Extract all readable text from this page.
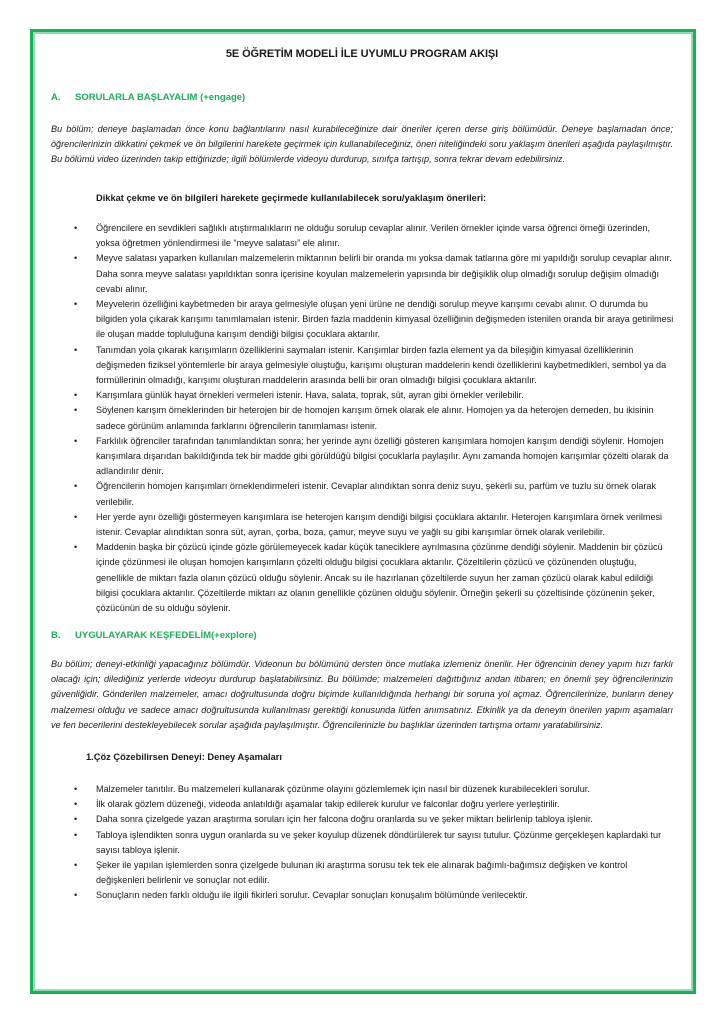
5E ÖĞRETİM MODELİ İLE UYUMLU PROGRAM AKIŞI
A. SORULARLA BAŞLAYALIM (+engage)
Bu bölüm; deneye başlamadan önce konu bağlantılarını nasıl kurabileceğinize dair öneriler içeren derse giriş bölümüdür. Deneye başlamadan önce; öğrencilerinizin dikkatini çekmek ve ön bilgilerini harekete geçirmek için kullanabileceğiniz, öneri niteliğindeki soru yaklaşım önerileri aşağıda paylaşılmıştır. Bu bölümü video üzerinden takip ettiğinizde; ilgili bölümlerde videoyu durdurup, sınıfça tartışıp, sonra tekrar devam edebilirsiniz.
Dikkat çekme ve ön bilgileri harekete geçirmede kullanılabilecek soru/yaklaşım önerileri:
• Öğrencilere en sevdikleri sağlıklı atıştırmalıkların ne olduğu sorulup cevaplar alınır. Verilen örnekler içinde varsa öğrenci örneği üzerinden, yoksa öğretmen yönlendirmesi ile “meyve salatası” ele alınır.
• Meyve salatası yaparken kullanılan malzemelerin miktarının belirli bir oranda mı yoksa damak tatlarına göre mi yapıldığı sorulup cevaplar alınır. Daha sonra meyve salatası yapıldıktan sonra içerisine koyulan malzemelerin yapısında bir değişiklik olup olmadığı sorulup değişim olmadığı cevabı alınır.
• Meyvelerin özelliğini kaybetmeden bir araya gelmesiyle oluşan yeni ürüne ne dendiği sorulup meyve karışımı cevabı alınır. O durumda bu bilgiden yola çıkarak karışımı tanımlamaları istenir. Birden fazla maddenin kimyasal özelliğinin değişmeden istenilen oranda bir araya getirilmesi ile oluşan madde topluluğuna karışım dendiği bilgisi çocuklara aktarılır.
• Tanımdan yola çıkarak karışımların özelliklerini saymaları istenir. Karışımlar birden fazla element ya da bileşiğin kimyasal özelliklerinin değişmeden fiziksel yöntemlerle bir araya gelmesiyle oluştuğu, karışımı oluşturan maddelerin kendi özelliklerini kaybetmedikleri, sembol ya da formüllerinin olmadığı, karışımı oluşturan maddelerin arasında belli bir oran olmadığı bilgisi çocuklara aktarılır.
• Karışımlara günlük hayat örnekleri vermeleri istenir. Hava, salata, toprak, süt, ayran gibi örnekler verilebilir.
• Söylenen karışım örneklerinden bir heterojen bir de homojen karışım örnek olarak ele alınır. Homojen ya da heterojen demeden, bu ikisinin sadece görünüm anlamında farklarını öğrencilerin tanımlaması istenir.
• Farklılık öğrenciler tarafından tanımlandıktan sonra; her yerinde aynı özelliği gösteren karışımlara homojen karışım dendiği söylenir. Homojen karışımlara dışarıdan bakıldığında tek bir madde gibi görüldüğü bilgisi çocuklarla paylaşılır. Aynı zamanda homojen karışımlar çözelti olarak da adlandırılır denir.
• Öğrencilerin homojen karışımları örneklendirmeleri istenir. Cevaplar alındıktan sonra deniz suyu, şekerli su, parfüm ve tuzlu su örnek olarak verilebilir.
• Her yerde aynı özelliği göstermeyen karışımlara ise heterojen karışım dendiği bilgisi çocuklara aktarılır. Heterojen karışımlara örnek verilmesi istenir. Cevaplar alındıktan sonra süt, ayran, çorba, boza, çamur, meyve suyu ve yağlı su gibi karışımlar örnek olarak verilebilir.
• Maddenin başka bir çözücü içinde gözle görülemeyecek kadar küçük taneciklere ayrılmasına çözünme dendiği söylenir. Maddenin bir çözücü içinde çözünmesi ile oluşan homojen karışımların çözelti olduğu bilgisi çocuklara aktarılır. Çözeltilerin çözücü ve çözünenden oluştuğu, genellikle de miktarı fazla olanın çözücü olduğu söylenir. Ancak su ile hazırlanan çözeltilerde suyun her zaman çözücü olarak kabul edildiği bilgisi çocuklara aktarılır. Çözeltilerde miktarı az olanın genellikle çözünen olduğu söylenir. Örneğin şekerli su çözeltisinde çözünenin şeker, çözücünün de su olduğu söylenir.
B. UYGULAYARAK KEŞFEDELİM(+explore)
Bu bölüm; deneyi-etkinliği yapacağınız bölümdür. Videonun bu bölümünü dersten önce mutlaka izlemeniz önerilir. Her öğrencinin deney yapım hızı farklı olacağı için; dilediğiniz yerlerde videoyu durdurup başlatabilirsiniz. Bu bölümde; malzemeleri dağıttığınız andan itibaren; en önemli şey öğrencilerinizin güvenliğidir. Gönderilen malzemeler, amacı doğrultusunda doğru biçimde kullanıldığında herhangi bir soruna yol açmaz. Öğrencilerinize, bunların deney malzemesi olduğu ve sadece amacı doğrultusunda kullanılması gerektiği konusunda lütfen anımsatınız. Etkinlik ya da deneyin önerilen yapım aşamaları ve fen becerilerini destekleyebilecek sorular aşağıda paylaşılmıştır. Öğrencilerinizle bu başlıklar üzerinden tartışma ortamı yaratabilirsiniz.
1.Çöz Çözebilirsen Deneyi: Deney Aşamaları
• Malzemeler tanıtılır. Bu malzemeleri kullanarak çözünme olayını gözlemlemek için nasıl bir düzenek kurabilecekleri sorulur.
• İlk olarak gözlem düzeneği, videoda anlatıldığı aşamalar takip edilerek kurulur ve falconlar doğru yerlere yerleştirilir.
• Daha sonra çizelgede yazan araştırma soruları için her falcona doğru oranlarda su ve şeker miktarı belirlenip tabloya işlenir.
• Tabloya işlendikten sonra uygun oranlarda su ve şeker koyulup düzenek döndürülerek tur sayısı tutulur. Çözünme gerçekleşen kaplardaki tur sayısı tabloya işlenir.
• Şeker ile yapılan işlemlerden sonra çizelgede bulunan iki araştırma sorusu tek tek ele alınarak bağımlı-bağımsız değişken ve kontrol değişkenleri belirlenir ve sonuçlar not edilir.
• Sonuçların neden farklı olduğu ile ilgili fikirleri sorulur. Cevaplar sonuçları konuşalım bölümünde verilecektir.
